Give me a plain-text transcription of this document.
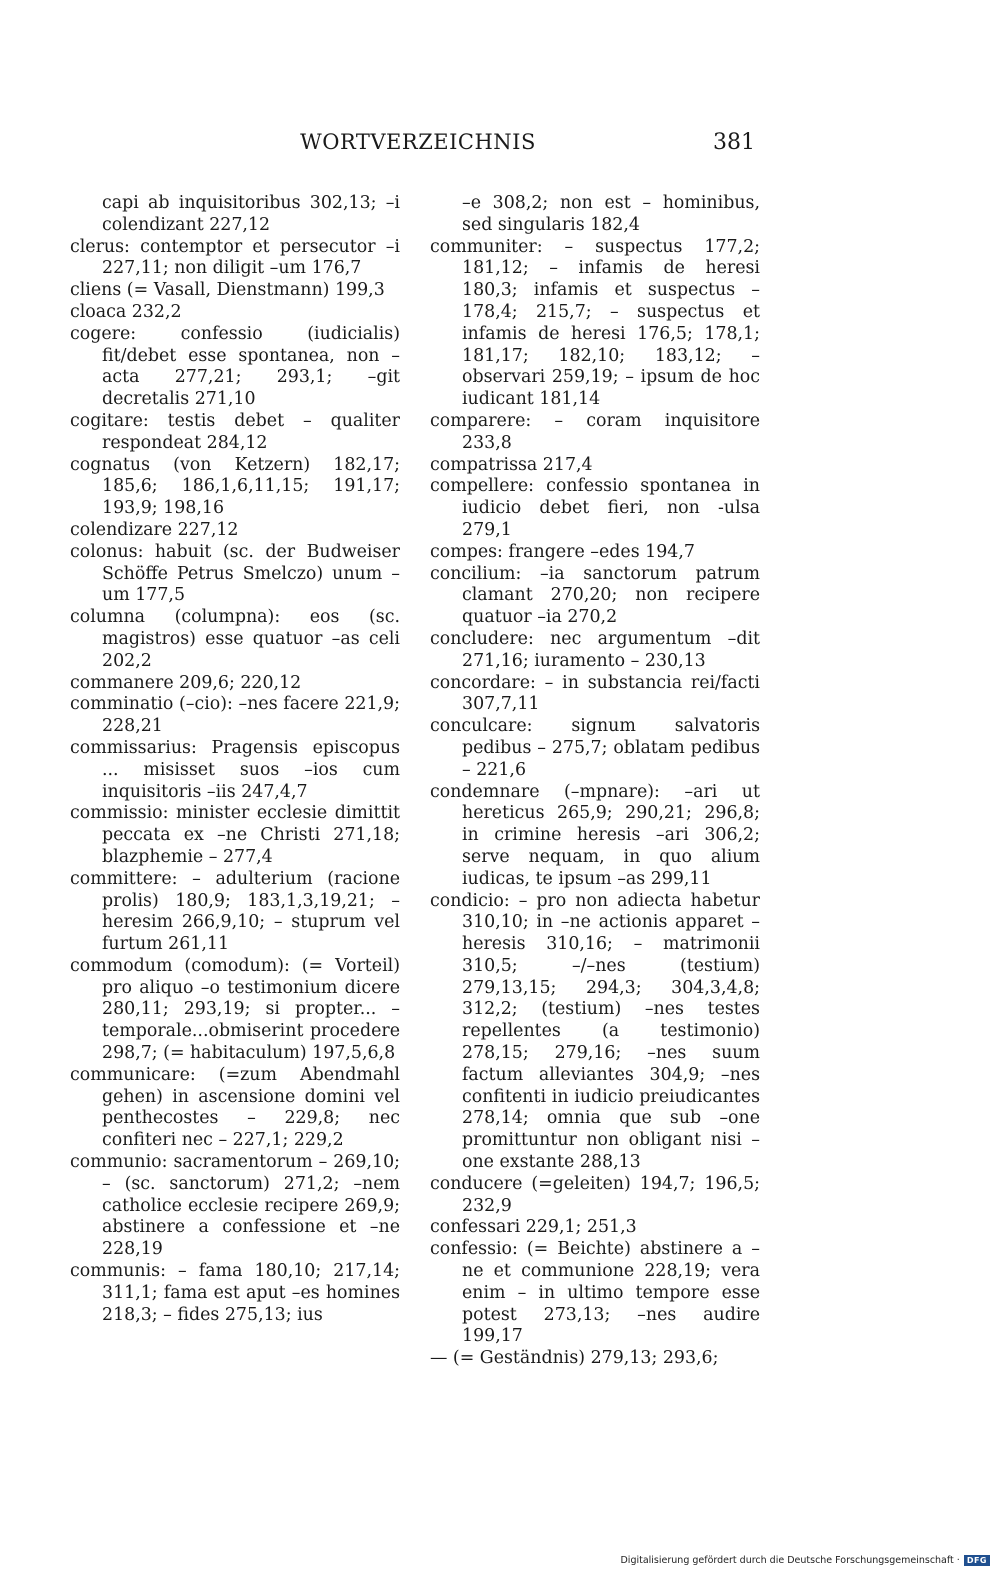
WORTVERZEICHNIS	381

capi ab inquisitoribus 302,13; –i colendizant 227,12

clerus: contemptor et persecutor –i 227,11; non diligit –um 176,7

cliens (= Vasall, Dienstmann) 199,3

cloaca 232,2

cogere: confessio (iudicialis) fit/debet esse spontanea, non –acta 277,21; 293,1; –git decretalis 271,10

cogitare: testis debet – qualiter respondeat 284,12

cognatus (von Ketzern) 182,17; 185,6; 186,1,6,11,15; 191,17; 193,9; 198,16

colendizare 227,12

colonus: habuit (sc. der Budweiser Schöffe Petrus Smelczo) unum –um 177,5

columna (columpna): eos (sc. magistros) esse quatuor –as celi 202,2

commanere 209,6; 220,12

comminatio (–cio): –nes facere 221,9; 228,21

commissarius: Pragensis episcopus ... misisset suos –ios cum inquisitoris –iis 247,4,7

commissio: minister ecclesie dimittit peccata ex –ne Christi 271,18; blazphemie – 277,4

committere: – adulterium (racione prolis) 180,9; 183,1,3,19,21; – heresim 266,9,10; – stuprum vel furtum 261,11

commodum (comodum): (= Vorteil) pro aliquo –o testimonium dicere 280,11; 293,19; si propter... – temporale...obmiserint procedere 298,7; (= habitaculum) 197,5,6,8

communicare: (=zum Abendmahl gehen) in ascensione domini vel penthecostes – 229,8; nec confiteri nec – 227,1; 229,2

communio: sacramentorum – 269,10; – (sc. sanctorum) 271,2; –nem catholice ecclesie recipere 269,9; abstinere a confessione et –ne 228,19

communis: – fama 180,10; 217,14; 311,1; fama est aput –es homines 218,3; – fides 275,13; ius

–e 308,2; non est – hominibus, sed singularis 182,4

communiter: – suspectus 177,2; 181,12; – infamis de heresi 180,3; infamis et suspectus – 178,4; 215,7; – suspectus et infamis de heresi 176,5; 178,1; 181,17; 182,10; 183,12; – observari 259,19; – ipsum de hoc iudicant 181,14

comparere: – coram inquisitore 233,8

compatrissa 217,4

compellere: confessio spontanea in iudicio debet fieri, non -ulsa 279,1

compes: frangere –edes 194,7

concilium: –ia sanctorum patrum clamant 270,20; non recipere quatuor –ia 270,2

concludere: nec argumentum –dit 271,16; iuramento – 230,13

concordare: – in substancia rei/facti 307,7,11

conculcare: signum salvatoris pedibus – 275,7; oblatam pedibus – 221,6

condemnare (–mpnare): –ari ut hereticus 265,9; 290,21; 296,8; in crimine heresis –ari 306,2; serve nequam, in quo alium iudicas, te ipsum –as 299,11

condicio: – pro non adiecta habetur 310,10; in –ne actionis apparet – heresis 310,16; – matrimonii 310,5; –/–nes (testium) 279,13,15; 294,3; 304,3,4,8; 312,2; (testium) –nes testes repellentes (a testimonio) 278,15; 279,16; –nes suum factum alleviantes 304,9; –nes confitenti in iudicio preiudicantes 278,14; omnia que sub –one promittuntur non obligant nisi –one exstante 288,13

conducere (=geleiten) 194,7; 196,5; 232,9

confessari 229,1; 251,3

confessio: (= Beichte) abstinere a –ne et communione 228,19; vera enim – in ultimo tempore esse potest 273,13; –nes audire 199,17

— (= Geständnis) 279,13; 293,6;

Digitalisierung gefördert durch die Deutsche Forschungsgemeinschaft · DFG
